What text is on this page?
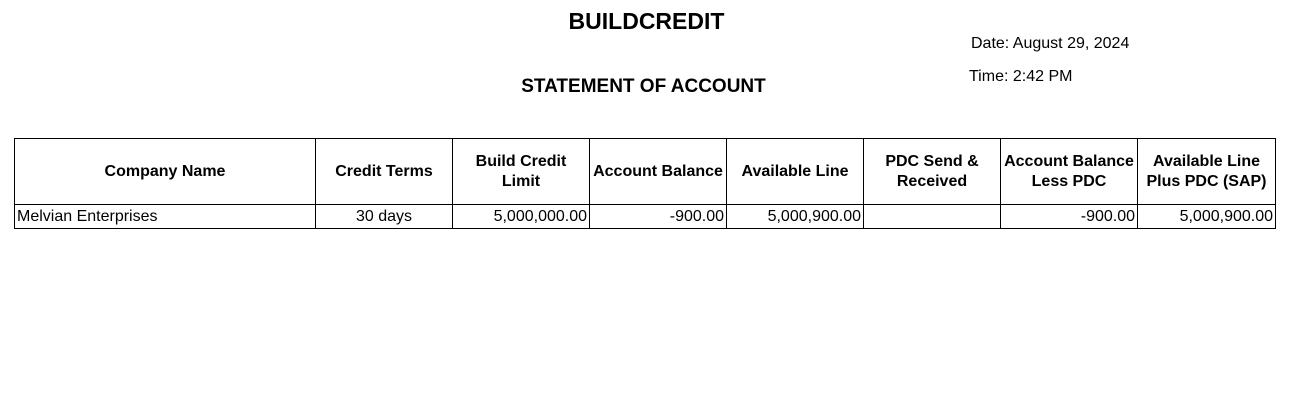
BUILDCREDIT
Date: August 29, 2024
STATEMENT OF ACCOUNT	Time: 2:42 PM
Company Name	Credit Terms	Build Credit Limit	Account Balance	Available Line	PDC Send & Received	Account Balance Less PDC	Available Line Plus PDC (SAP)
Melvian Enterprises	30 days	5,000,000.00	-900.00	5,000,900.00		-900.00	5,000,900.00
